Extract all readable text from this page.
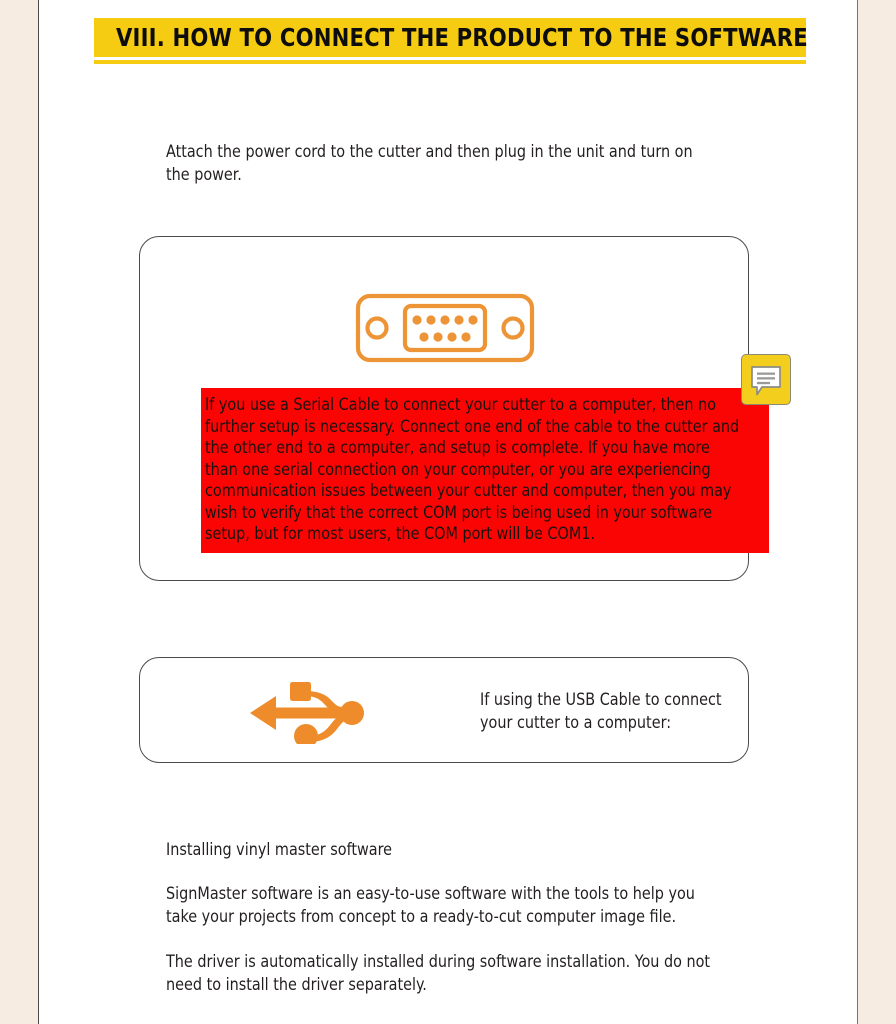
VIII. HOW TO CONNECT THE PRODUCT TO THE SOFTWARE
Attach the power cord to the cutter and then plug in the unit and turn on the power.
If you use a Serial Cable to connect your cutter to a computer, then no further setup is necessary. Connect one end of the cable to the cutter and the other end to a computer, and setup is complete. If you have more than one serial connection on your computer, or you are experiencing communication issues between your cutter and computer, then you may wish to verify that the correct COM port is being used in your software setup, but for most users, the COM port will be COM1.
If using the USB Cable to connect your cutter to a computer:

Installing vinyl master software

SignMaster software is an easy-to-use software with the tools to help you take your projects from concept to a ready-to-cut computer image file.

The driver is automatically installed during software installation. You do not need to install the driver separately.
